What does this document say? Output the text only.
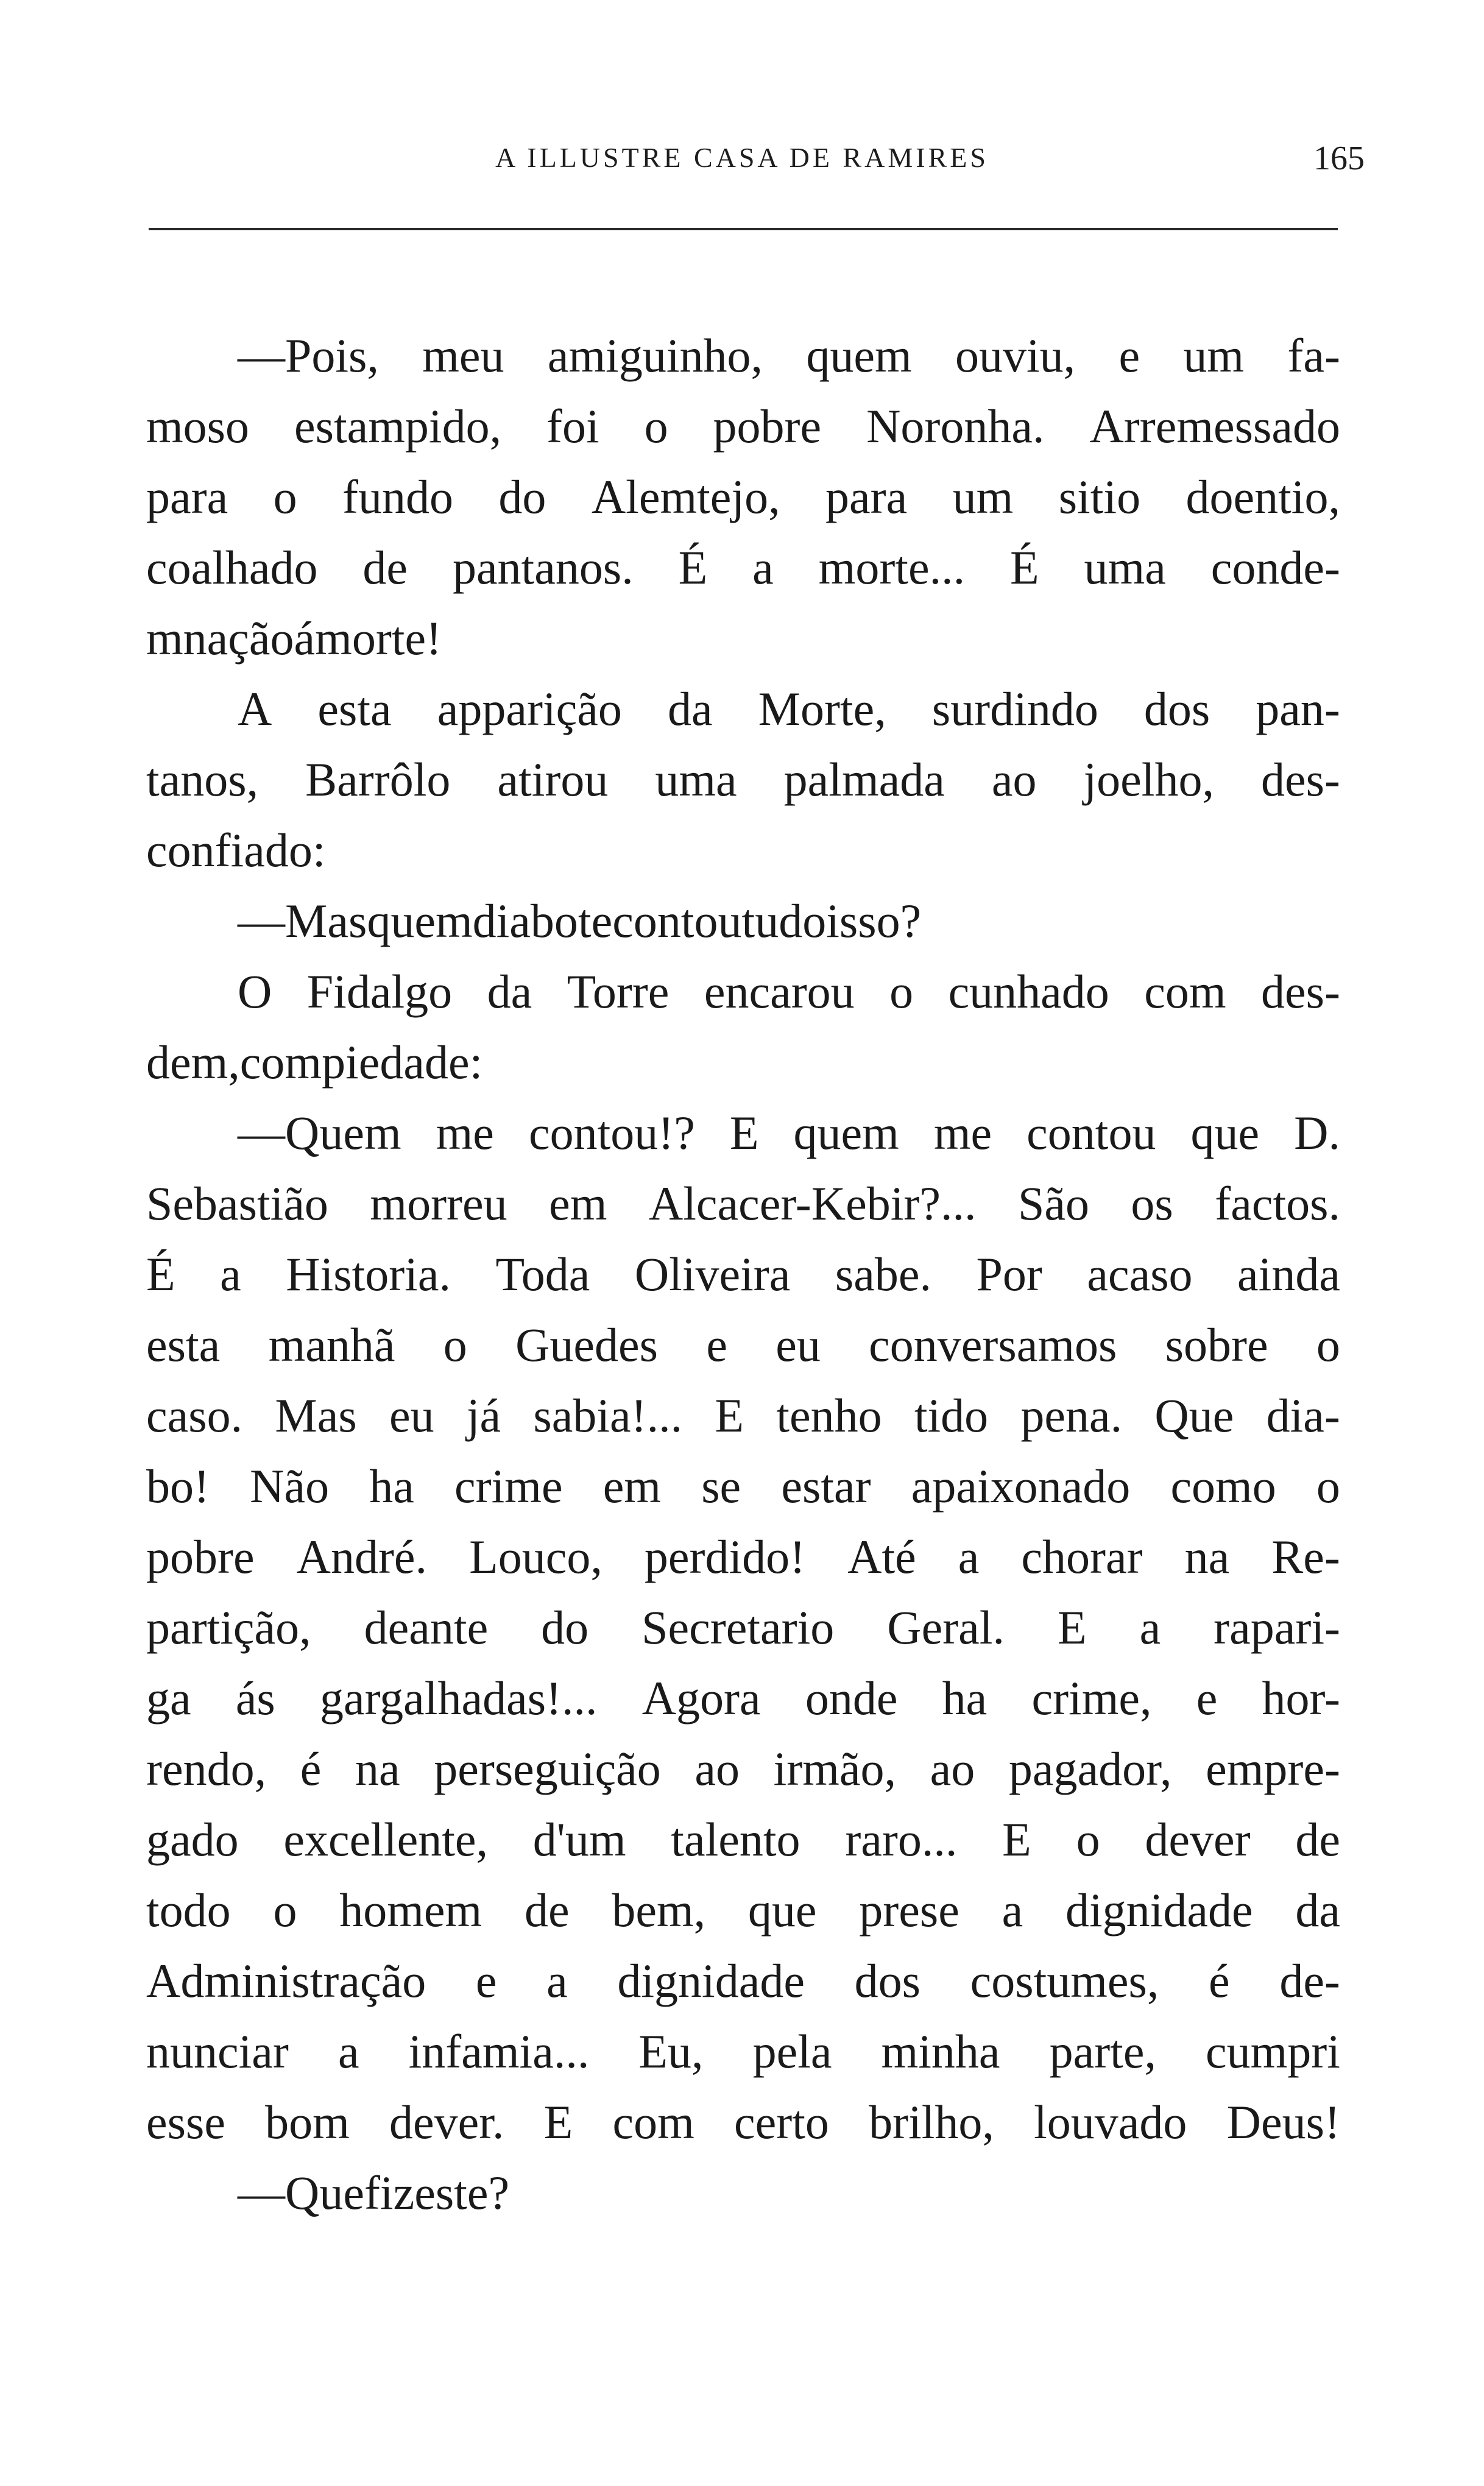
A ILLUSTRE CASA DE RAMIRES	165
—Pois, meu amiguinho, quem ouviu, e um fa-
moso estampido, foi o pobre Noronha. Arremessado
para o fundo do Alemtejo, para um sitio doentio,
coalhado de pantanos. É a morte... É uma conde-
mnação á morte!
A esta apparição da Morte, surdindo dos pan-
tanos, Barrôlo atirou uma palmada ao joelho, des-
confiado:
—Mas quem diabo te contou tudo isso?
O Fidalgo da Torre encarou o cunhado com des-
dem, com piedade:
—Quem me contou!? E quem me contou que D.
Sebastião morreu em Alcacer-Kebir?... São os factos.
É a Historia. Toda Oliveira sabe. Por acaso ainda
esta manhã o Guedes e eu conversamos sobre o
caso. Mas eu já sabia!... E tenho tido pena. Que dia-
bo! Não ha crime em se estar apaixonado como o
pobre André. Louco, perdido! Até a chorar na Re-
partição, deante do Secretario Geral. E a rapari-
ga ás gargalhadas!... Agora onde ha crime, e hor-
rendo, é na perseguição ao irmão, ao pagador, empre-
gado excellente, d'um talento raro... E o dever de
todo o homem de bem, que prese a dignidade da
Administração e a dignidade dos costumes, é de-
nunciar a infamia... Eu, pela minha parte, cumpri
esse bom dever. E com certo brilho, louvado Deus!
—Que fizeste?
